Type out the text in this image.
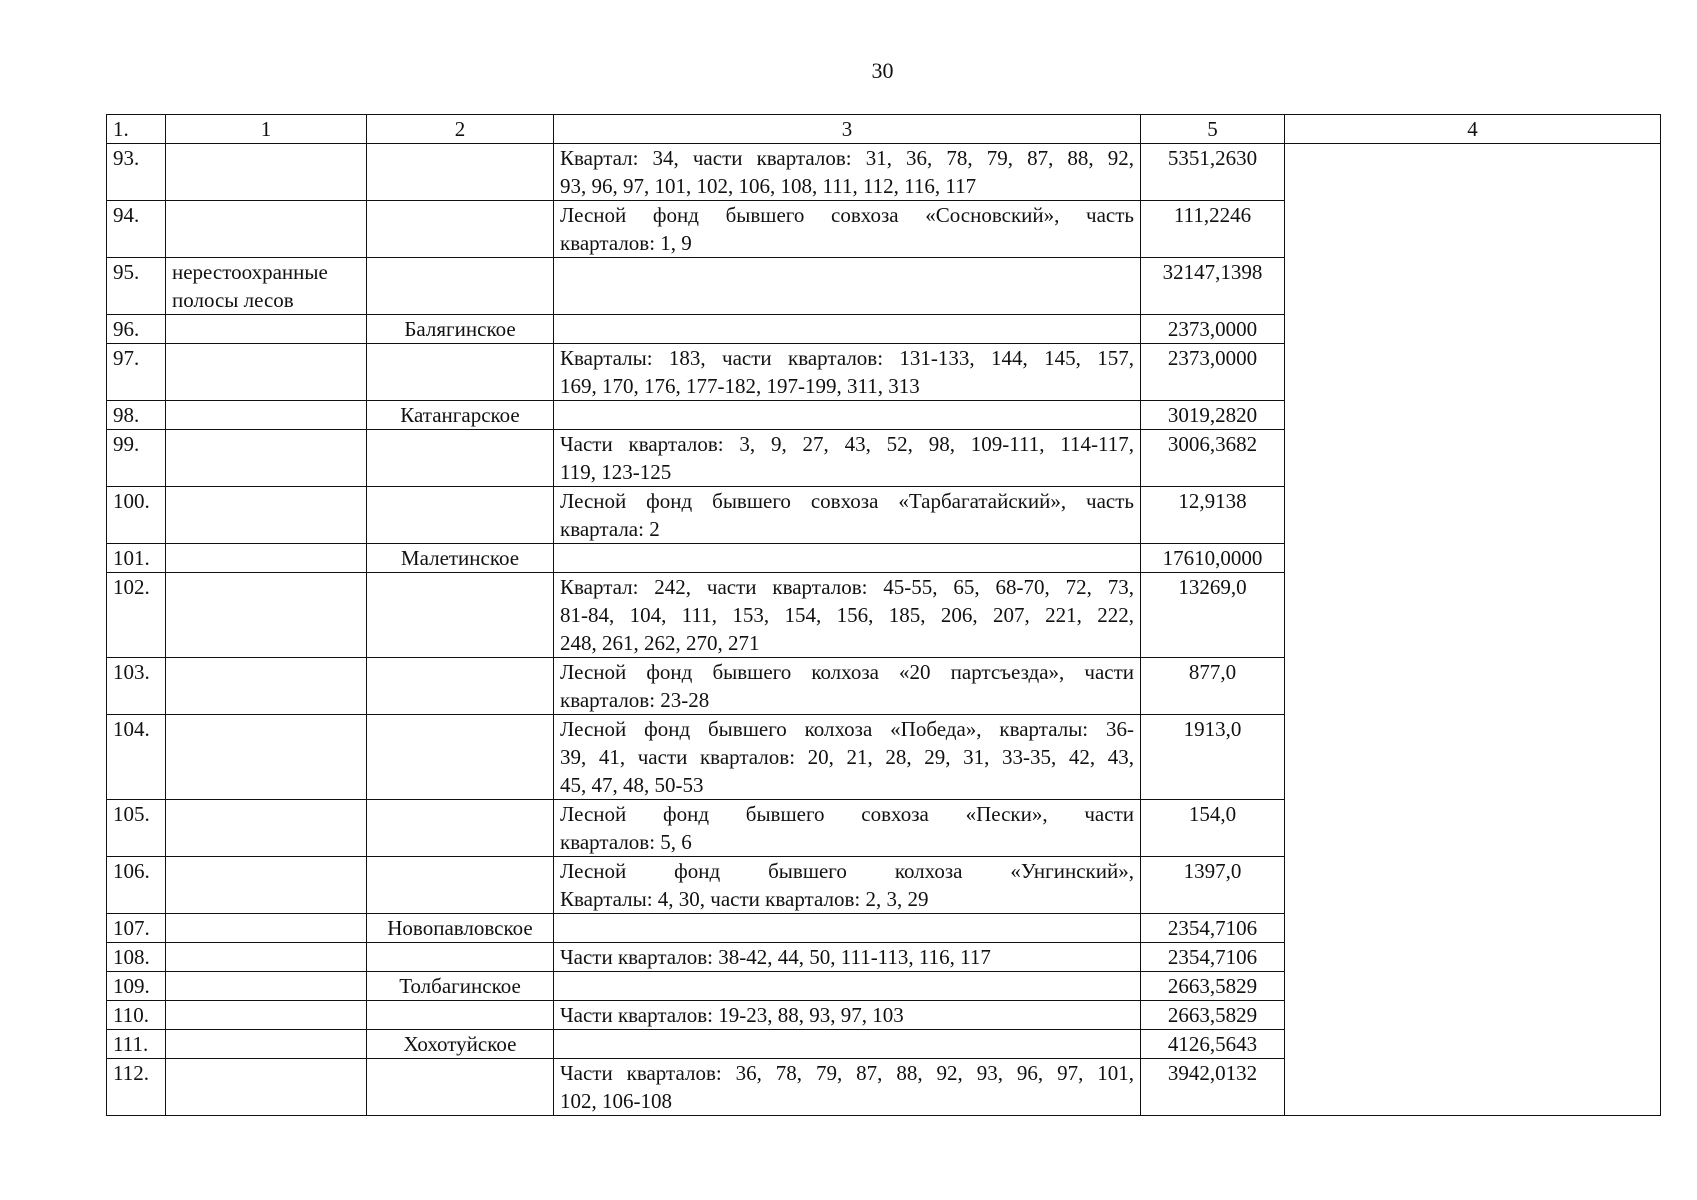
30
1.	1	2	3	5	4
93.			Квартал: 34, части кварталов: 31, 36, 78, 79, 87, 88, 92,
93, 96, 97, 101, 102, 106, 108, 111, 112, 116, 117	5351,2630	
94.			Лесной фонд бывшего совхоза «Сосновский», часть
кварталов: 1, 9	111,2246	
95.	нерестоохранные полосы лесов			32147,1398	
96.		Балягинское		2373,0000	
97.			Кварталы: 183, части кварталов: 131-133, 144, 145, 157,
169, 170, 176, 177-182, 197-199, 311, 313	2373,0000	
98.		Катангарское		3019,2820	
99.			Части кварталов: 3, 9, 27, 43, 52, 98, 109-111, 114-117,
119, 123-125	3006,3682	
100.			Лесной фонд бывшего совхоза «Тарбагатайский», часть
квартала: 2	12,9138	
101.		Малетинское		17610,0000	
102.			Квартал: 242, части кварталов: 45-55, 65, 68-70, 72, 73,
81-84, 104, 111, 153, 154, 156, 185, 206, 207, 221, 222,
248, 261, 262, 270, 271	13269,0	
103.			Лесной фонд бывшего колхоза «20 партсъезда», части
кварталов: 23-28	877,0	
104.			Лесной фонд бывшего колхоза «Победа», кварталы: 36-
39, 41, части кварталов: 20, 21, 28, 29, 31, 33-35, 42, 43,
45, 47, 48, 50-53	1913,0	
105.			Лесной фонд бывшего совхоза «Пески», части
кварталов: 5, 6	154,0	
106.			Лесной фонд бывшего колхоза «Унгинский»,
Кварталы: 4, 30, части кварталов: 2, 3, 29	1397,0	
107.		Новопавловское		2354,7106	
108.			Части кварталов: 38-42, 44, 50, 111-113, 116, 117	2354,7106	
109.		Толбагинское		2663,5829	
110.			Части кварталов: 19-23, 88, 93, 97, 103	2663,5829	
111.		Хохотуйское		4126,5643	
112.			Части кварталов: 36, 78, 79, 87, 88, 92, 93, 96, 97, 101,
102, 106-108	3942,0132	
